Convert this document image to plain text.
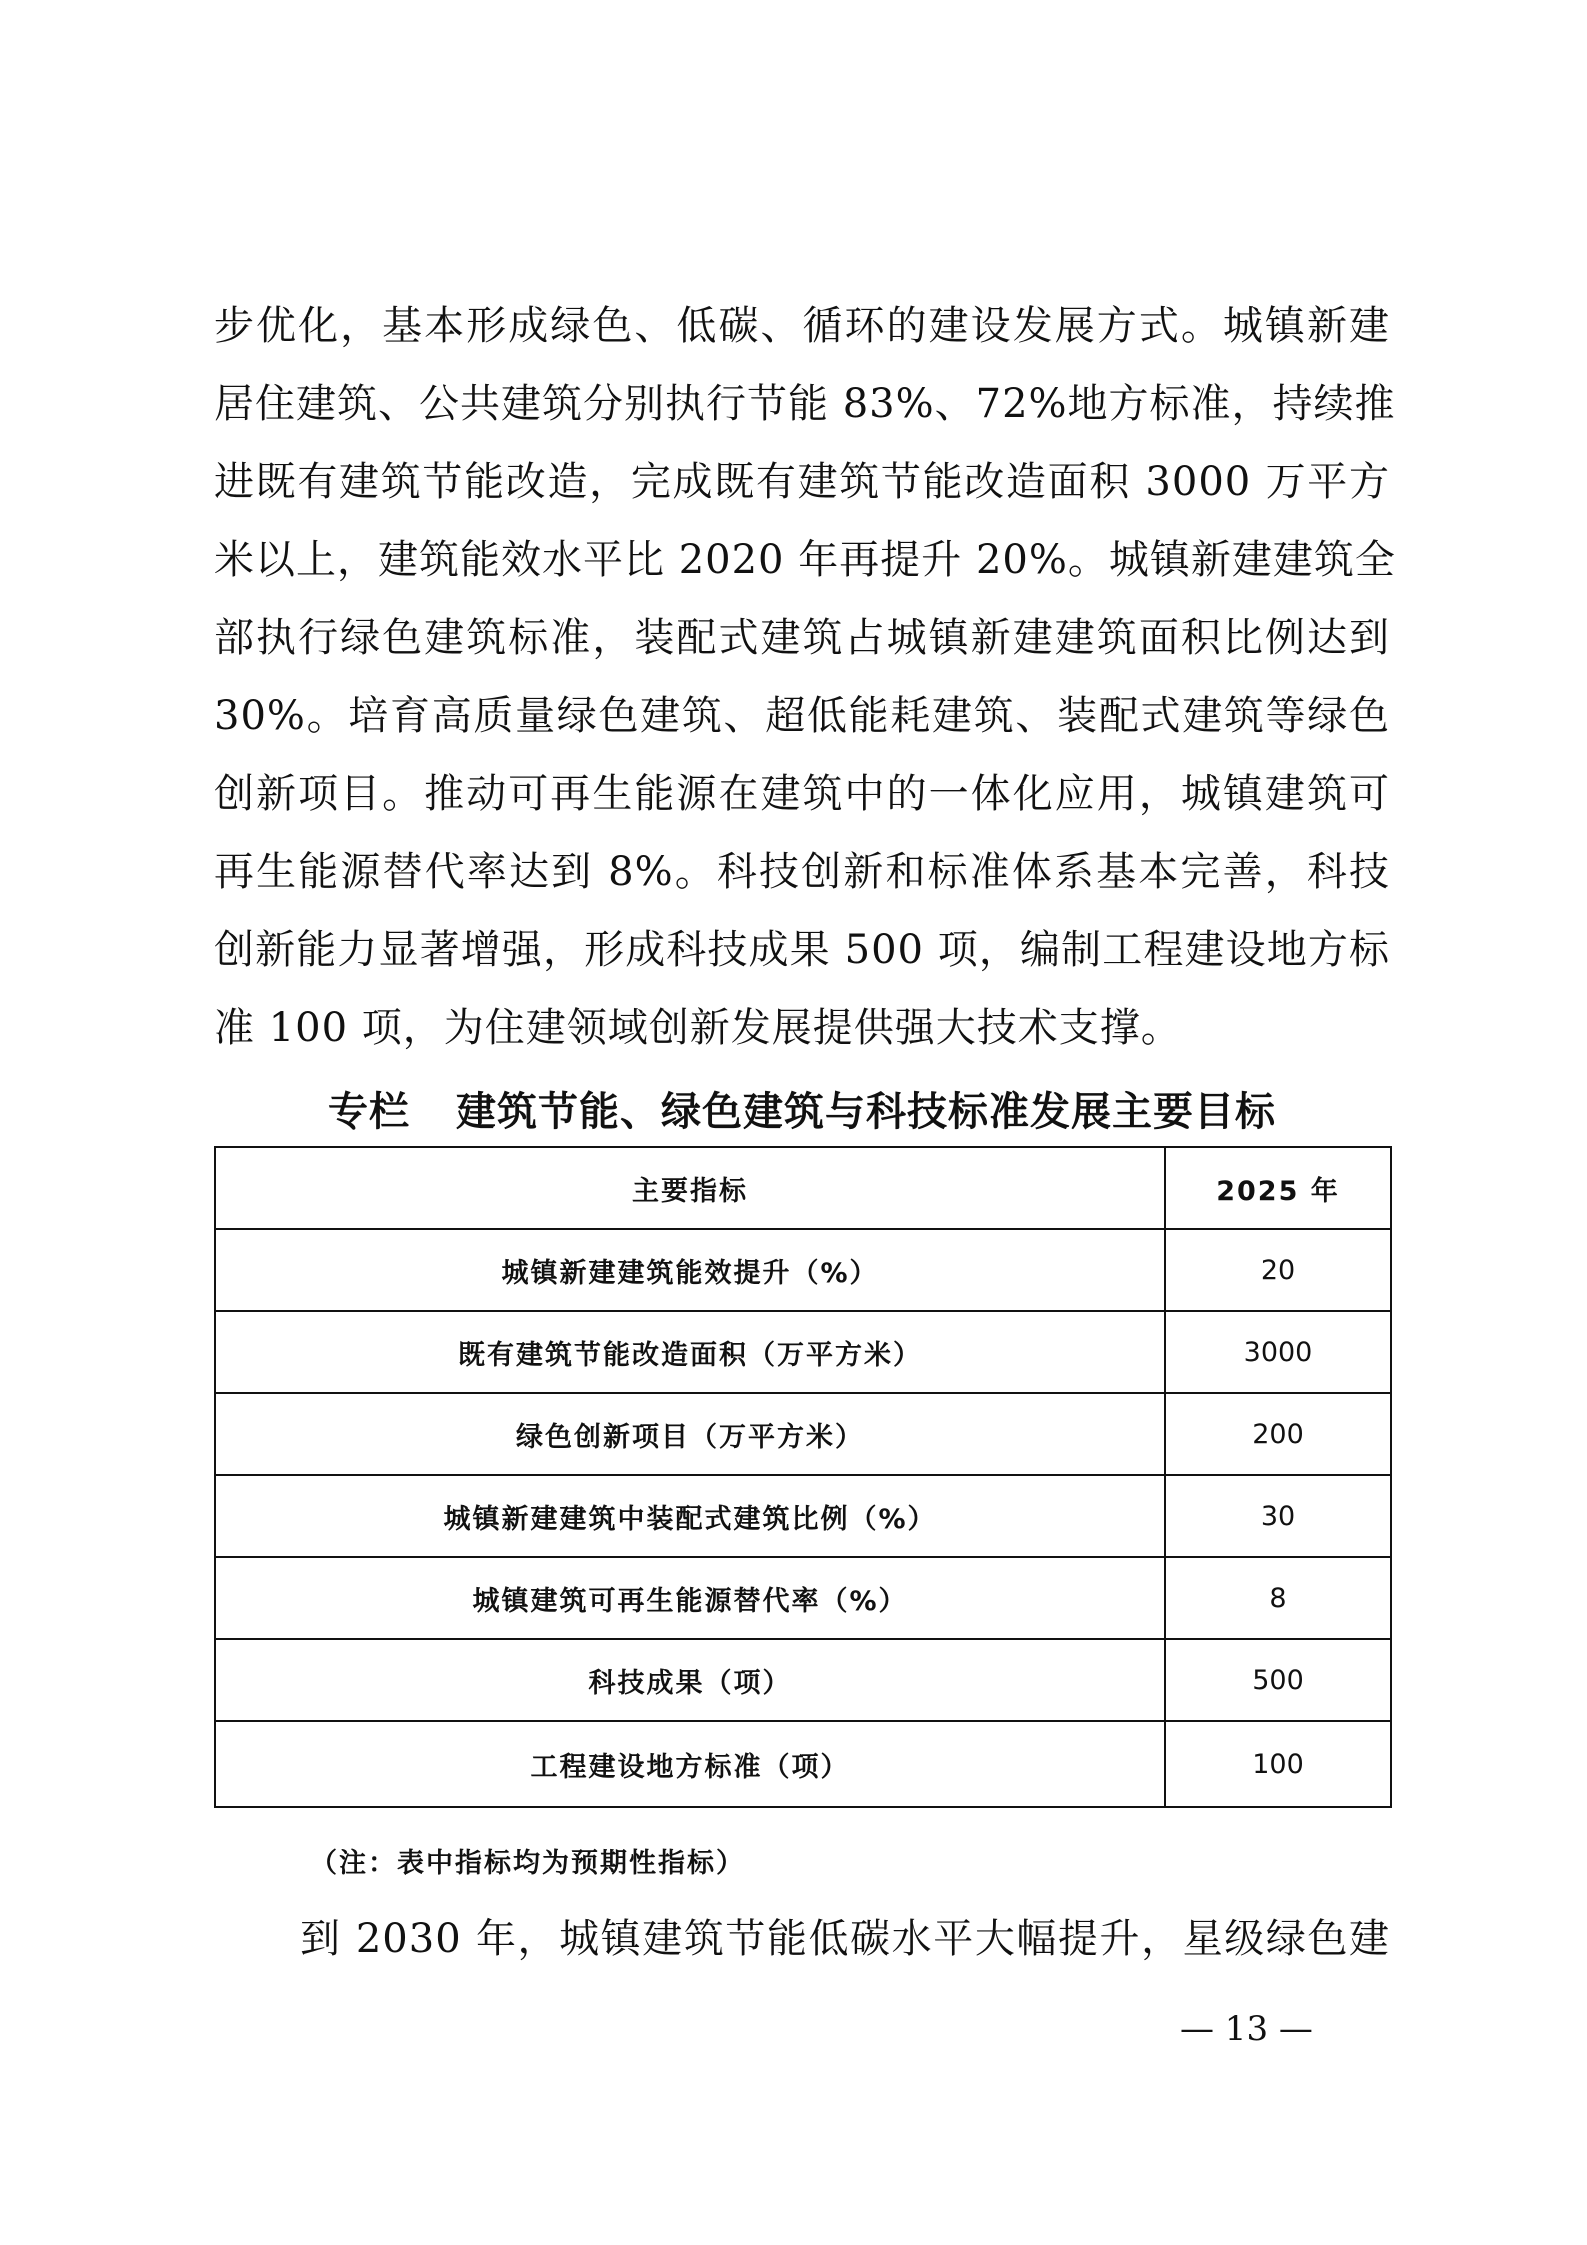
步优化，基本形成绿色、低碳、循环的建设发展方式。城镇新建
居住建筑、公共建筑分别执行节能 83%、72%地方标准，持续推
进既有建筑节能改造，完成既有建筑节能改造面积 3000 万平方
米以上，建筑能效水平比 2020 年再提升 20%。城镇新建建筑全
部执行绿色建筑标准，装配式建筑占城镇新建建筑面积比例达到
30%。培育高质量绿色建筑、超低能耗建筑、装配式建筑等绿色
创新项目。推动可再生能源在建筑中的一体化应用，城镇建筑可
再生能源替代率达到 8%。科技创新和标准体系基本完善，科技
创新能力显著增强，形成科技成果 500 项，编制工程建设地方标
准 100 项，为住建领域创新发展提供强大技术支撑。
专栏 建筑节能、绿色建筑与科技标准发展主要目标
主要指标	2025 年
城镇新建建筑能效提升（%）	20
既有建筑节能改造面积（万平方米）	3000
绿色创新项目（万平方米）	200
城镇新建建筑中装配式建筑比例（%）	30
城镇建筑可再生能源替代率（%）	8
科技成果（项）	500
工程建设地方标准（项）	100
（注：表中指标均为预期性指标）
到 2030 年，城镇建筑节能低碳水平大幅提升，星级绿色建
— 13 —
